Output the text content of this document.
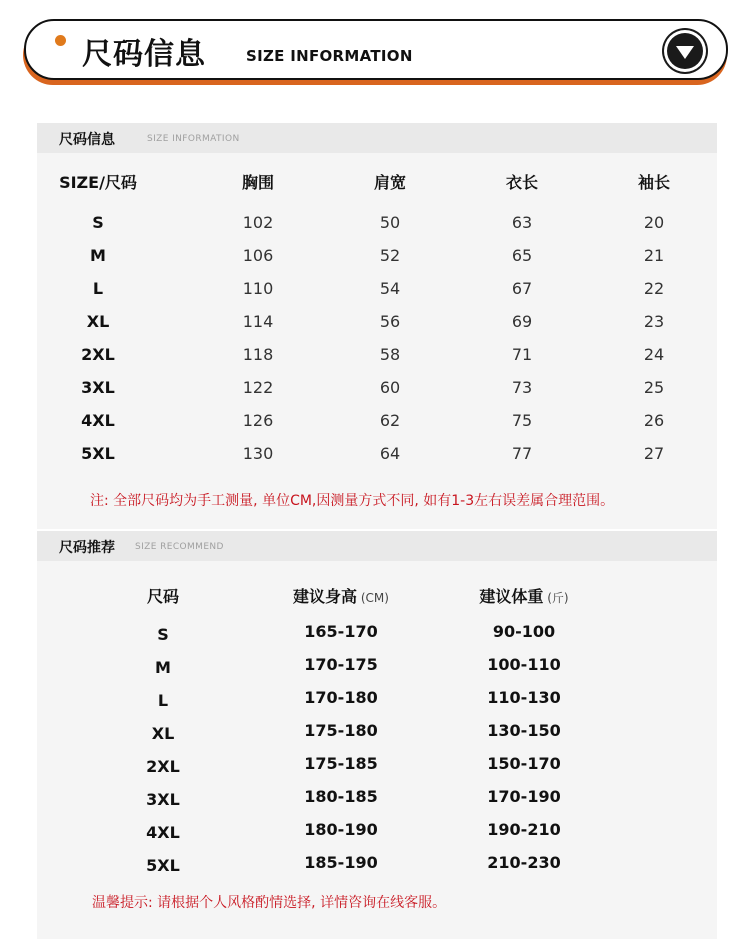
尺码信息	SIZE INFORMATION
尺码信息	SIZE INFORMATION
SIZE/尺码	胸围	肩宽	衣长	袖长
S	102	50	63	20
M	106	52	65	21
L	110	54	67	22
XL	114	56	69	23
2XL	118	58	71	24
3XL	122	60	73	25
4XL	126	62	75	26
5XL	130	64	77	27
注: 全部尺码均为手工测量, 单位CM,因测量方式不同, 如有1-3左右误差属合理范围。
尺码推荐 SIZE RECOMMEND
尺码	建议身高 (CM)	建议体重 (斤)
S	165-170	90-100
M	170-175	100-110
L	170-180	110-130
XL	175-180	130-150
2XL	175-185	150-170
3XL	180-185	170-190
4XL	180-190	190-210
5XL	185-190	210-230
温馨提示: 请根据个人风格酌情选择, 详情咨询在线客服。
